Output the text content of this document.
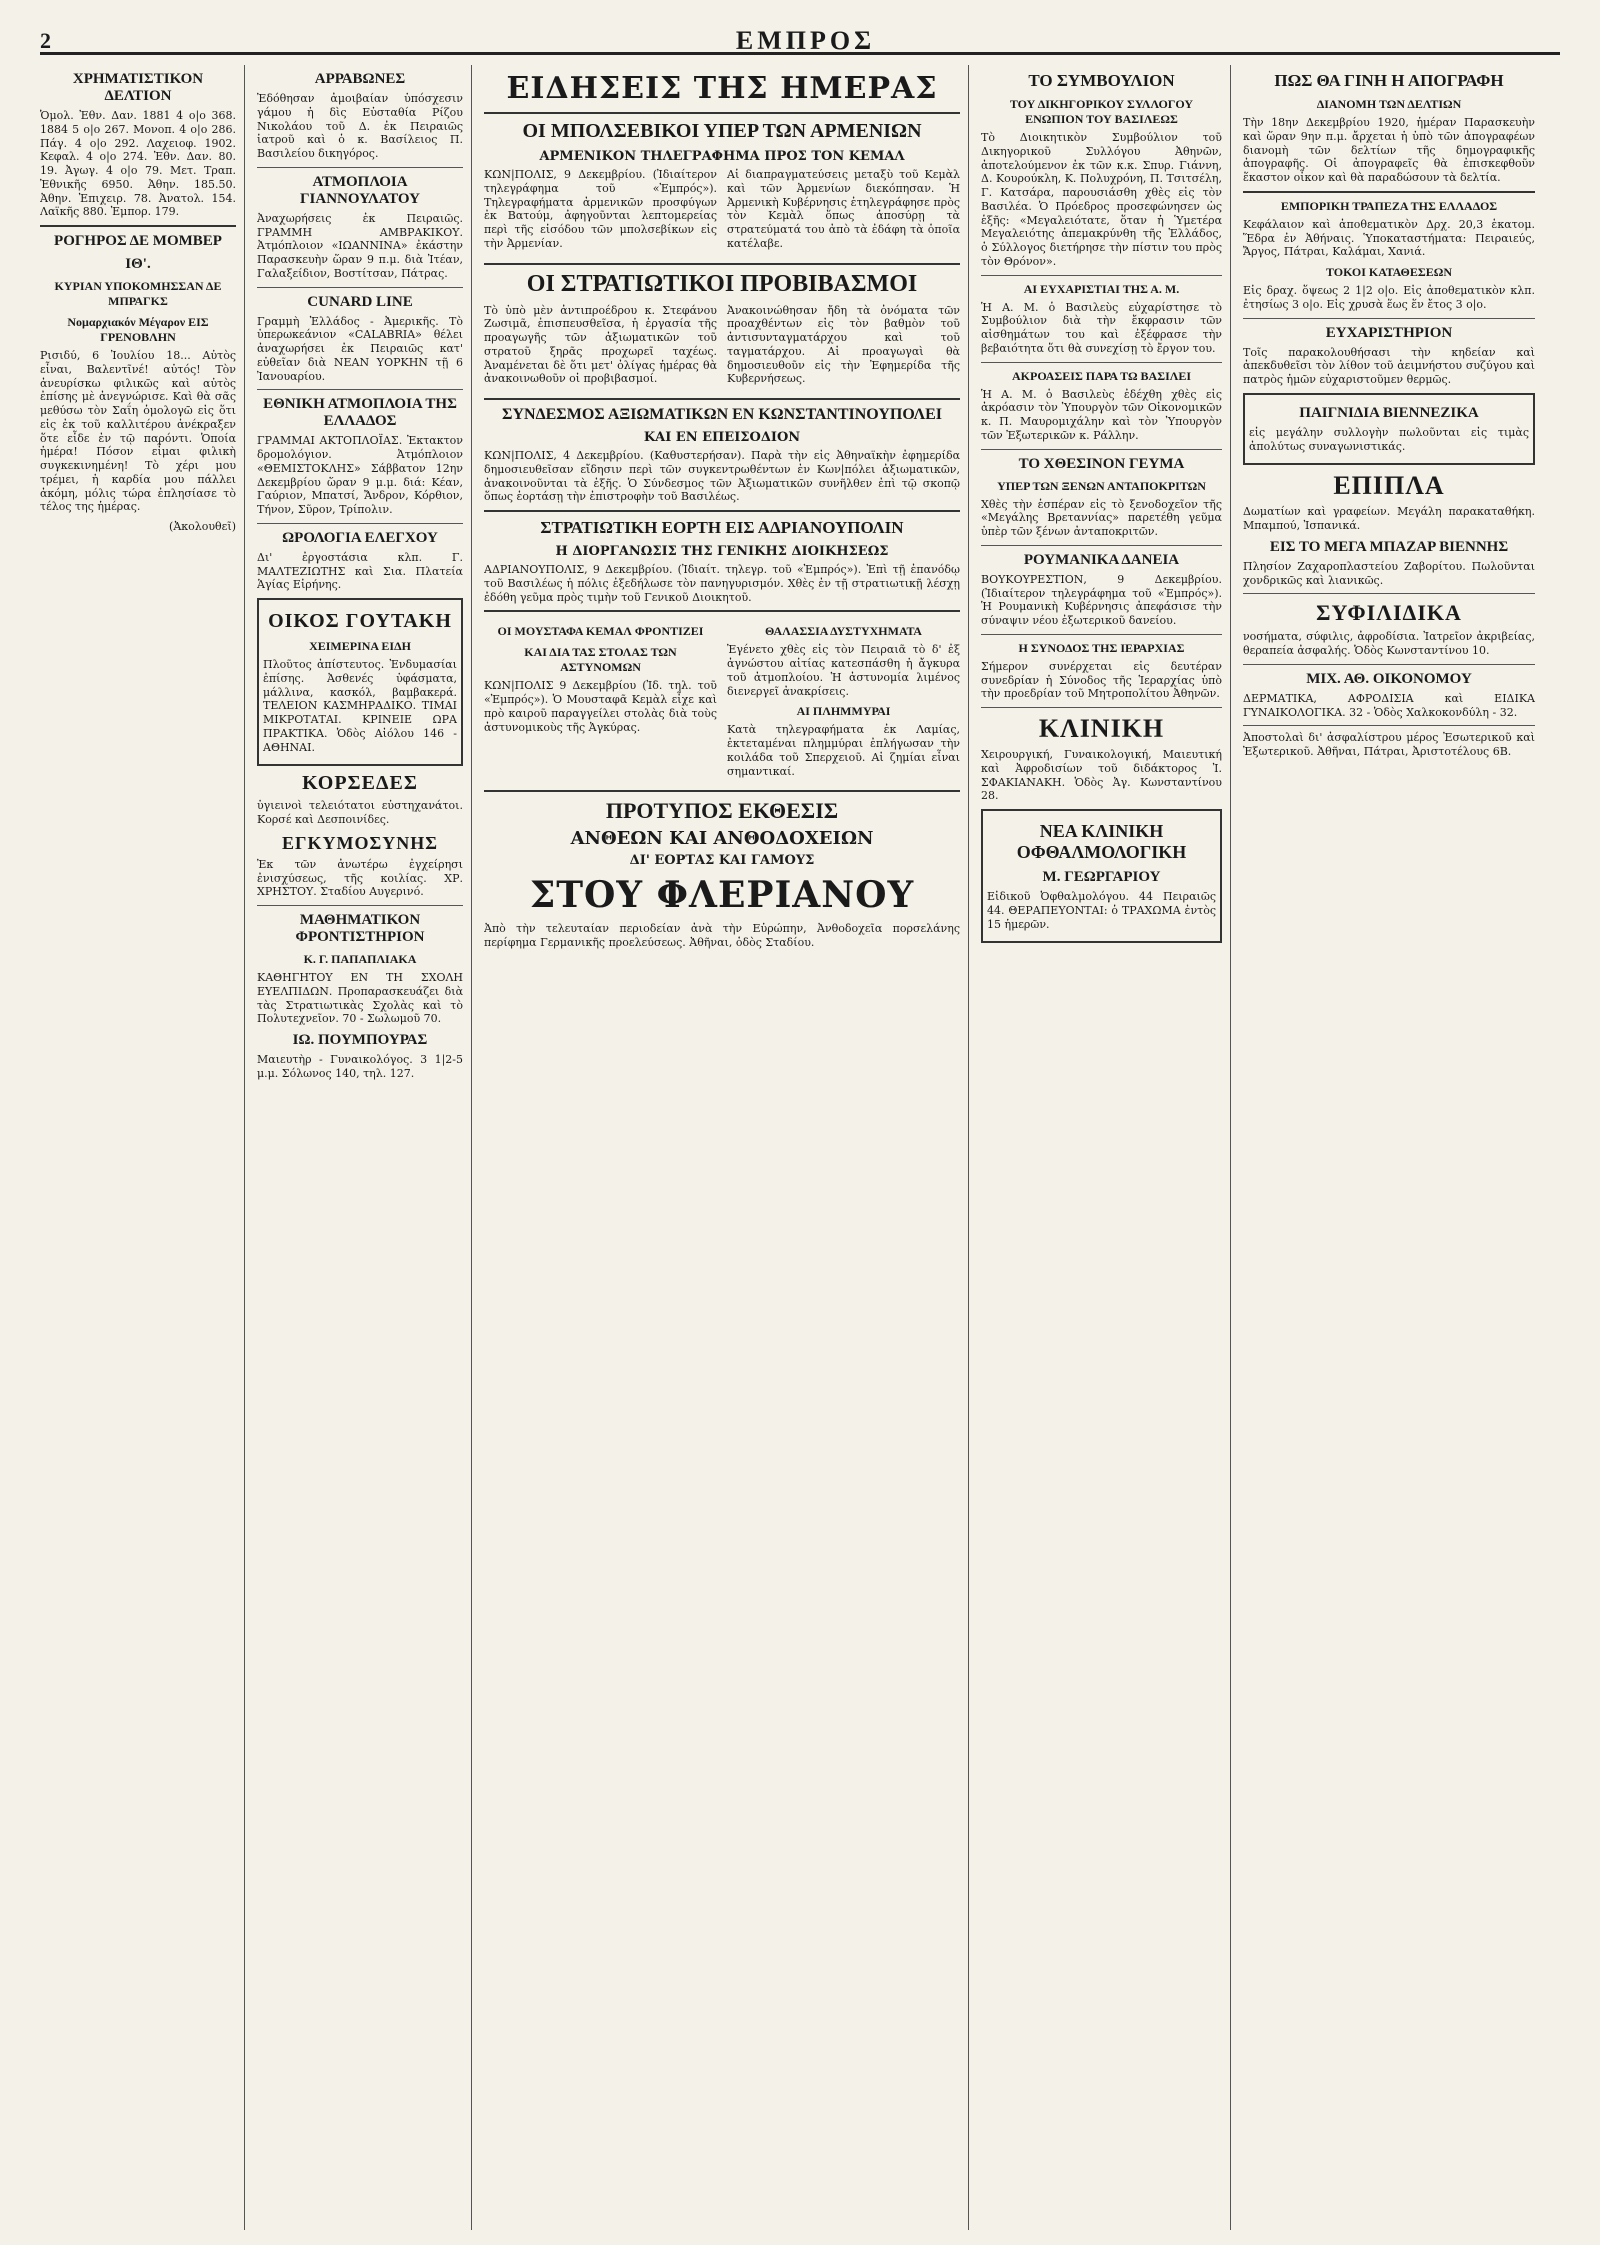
2	ΕΜΠΡΟΣ
ΧΡΗΜΑΤΙΣΤΙΚΟΝ ΔΕΛΤΙΟΝ

Ὁμολ. Ἐθν. Δαν. 1881 4 ο|ο 368. 1884 5 ο|ο 267. Μονοπ. 4 ο|ο 286. Πάγ. 4 ο|ο 292. Λαχειοφ. 1902. Κεφαλ. 4 ο|ο 274. Ἐθν. Δαν. 80. 19. Ἀγωγ. 4 ο|ο 79. Μετ. Τραπ. Ἐθνικῆς 6950. Ἀθην. 185.50. Ἀθην. Ἐπιχειρ. 78. Ἀνατολ. 154. Λαϊκῆς 880. Ἐμπορ. 179.

ΡΟΓΗΡΟΣ ΔΕ ΜΟΜΒΕΡ
ΙΘ'.
ΚΥΡΙΑΝ ΥΠΟΚΟΜΗΣΣΑΝ ΔΕ ΜΠΡΑΓΚΣ
Νομαρχιακόν Μέγαρον ΕΙΣ ΓΡΕΝΟΒΛΗΝ

Ρισιδύ, 6 Ἰουλίου 18... Αὐτὸς εἶναι, Βαλεντῖνέ! αὐτός! Τὸν ἀνευρίσκω φιλικῶς καὶ αὐτὸς ἐπίσης μὲ ἀνεγνώρισε. Καὶ θὰ σᾶς μεθύσω τὸν Σαΐη ὁμολογῶ εἰς ὅτι εἰς ἐκ τοῦ καλλιτέρου ἀνέκραξεν ὅτε εἶδε ἐν τῷ παρόντι. Ὁποία ἡμέρα! Πόσον εἶμαι φιλικὴ συγκεκινημένη! Τὸ χέρι μου τρέμει, ἡ καρδία μου πάλλει ἀκόμη, μόλις τώρα ἐπλησίασε τὸ τέλος της ἡμέρας.

(Ἀκολουθεῖ)

ΑΡΡΑΒΩΝΕΣ

Ἐδόθησαν ἀμοιβαίαν ὑπόσχεσιν γάμου ἡ δὶς Εὐσταθία Ρίζου Νικολάου τοῦ Δ. ἐκ Πειραιῶς ἰατροῦ καὶ ὁ κ. Βασίλειος Π. Βασιλείου δικηγόρος.

ΑΤΜΟΠΛΟΙΑ ΓΙΑΝΝΟΥΛΑΤΟΥ

Ἀναχωρήσεις ἐκ Πειραιῶς. ΓΡΑΜΜΗ ΑΜΒΡΑΚΙΚΟΥ. Ἀτμόπλοιον «ΙΩΑΝΝΙΝΑ» ἐκάστην Παρασκευὴν ὥραν 9 π.μ. διὰ Ἰτέαν, Γαλαξείδιον, Βοστίτσαν, Πάτρας.

CUNARD LINE

Γραμμὴ Ἑλλάδος - Ἀμερικῆς. Τὸ ὑπερωκεάνιον «CALABRIA» θέλει ἀναχωρήσει ἐκ Πειραιῶς κατ' εὐθεῖαν διὰ ΝΕΑΝ ΥΟΡΚΗΝ τῇ 6 Ἰανουαρίου.

ΕΘΝΙΚΗ ΑΤΜΟΠΛΟΙΑ ΤΗΣ ΕΛΛΑΔΟΣ

ΓΡΑΜΜΑΙ ΑΚΤΟΠΛΟΪΑΣ. Ἐκτακτον δρομολόγιον. Ἀτμόπλοιον «ΘΕΜΙΣΤΟΚΛΗΣ» Σάββατον 12ην Δεκεμβρίου ὥραν 9 μ.μ. διά: Κέαν, Γαύριον, Μπατσί, Ἄνδρον, Κόρθιον, Τήνον, Σῦρον, Τρίπολιν.

ΩΡΟΛΟΓΙΑ ΕΛΕΓΧΟΥ

Δι' ἐργοστάσια κλπ. Γ. ΜΑΛΤΕΖΙΩΤΗΣ καὶ Σια. Πλατεία Ἁγίας Εἰρήνης.

ΟΙΚΟΣ ΓΟΥΤΑΚΗ
ΧΕΙΜΕΡΙΝΑ ΕΙΔΗ

Πλοῦτος ἀπίστευτος. Ἐνδυμασίαι ἐπίσης. Ἀσθενές ὑφάσματα, μάλλινα, κασκόλ, βαμβακερά. ΤΕΛΕΙΟΝ ΚΑΣΜΗΡΑΔΙΚΟ. ΤΙΜΑΙ ΜΙΚΡΟΤΑΤΑΙ. ΚΡΙΝΕΙΕ ΩΡΑ ΠΡΑΚΤΙΚΑ. Ὁδὸς Αἰόλου 146 - ΑΘΗΝΑΙ.

ΚΟΡΣΕΔΕΣ

ὑγιεινοὶ τελειότατοι εὐστηχανάτοι. Κορσέ καὶ Δεσποινίδες.

ΕΓΚΥΜΟΣΥΝΗΣ

Ἐκ τῶν ἀνωτέρω ἐγχείρησι ἐνισχύσεως, τῆς κοιλίας. ΧΡ. ΧΡΗΣΤΟΥ. Σταδίου Αυγερινό.

ΜΑΘΗΜΑΤΙΚΟΝ ΦΡΟΝΤΙΣΤΗΡΙΟΝ
Κ. Γ. ΠΑΠΑΠΛΙΑΚΑ

ΚΑΘΗΓΗΤΟΥ ΕΝ ΤΗ ΣΧΟΛΗ ΕΥΕΛΠΙΔΩΝ. Προπαρασκευάζει διὰ τὰς Στρατιωτικὰς Σχολὰς καὶ τὸ Πολυτεχνεῖον. 70 - Σωλωμοῦ 70.

ΙΩ. ΠΟΥΜΠΟΥΡΑΣ

Μαιευτὴρ - Γυναικολόγος. 3 1|2-5 μ.μ. Σόλωνος 140, τηλ. 127.

ΕΙΔΗΣΕΙΣ ΤΗΣ ΗΜΕΡΑΣ
ΟΙ ΜΠΟΛΣΕΒΙΚΟΙ ΥΠΕΡ ΤΩΝ ΑΡΜΕΝΙΩΝ
ΑΡΜΕΝΙΚΟΝ ΤΗΛΕΓΡΑΦΗΜΑ ΠΡΟΣ ΤΟΝ ΚΕΜΑΛ

ΚΩΝ|ΠΟΛΙΣ, 9 Δεκεμβρίου. (Ἰδιαίτερον τηλεγράφημα τοῦ «Ἐμπρός»). Τηλεγραφήματα ἀρμενικῶν προσφύγων ἐκ Βατούμ, ἀφηγοῦνται λεπτομερείας περὶ τῆς εἰσόδου τῶν μπολσεβίκων εἰς τὴν Ἀρμενίαν.

Αἱ διαπραγματεύσεις μεταξὺ τοῦ Κεμὰλ καὶ τῶν Ἀρμενίων διεκόπησαν. Ἡ Ἀρμενικὴ Κυβέρνησις ἐτηλεγράφησε πρὸς τὸν Κεμὰλ ὅπως ἀποσύρῃ τὰ στρατεύματά του ἀπὸ τὰ ἐδάφη τὰ ὁποῖα κατέλαβε.

ΟΙ ΣΤΡΑΤΙΩΤΙΚΟΙ ΠΡΟΒΙΒΑΣΜΟΙ

Τὸ ὑπὸ μὲν ἀντιπροέδρου κ. Στεφάνου Ζωσιμᾶ, ἐπισπευσθεῖσα, ἡ ἐργασία τῆς προαγωγῆς τῶν ἀξιωματικῶν τοῦ στρατοῦ ξηρᾶς προχωρεῖ ταχέως. Ἀναμένεται δὲ ὅτι μετ' ὀλίγας ἡμέρας θὰ ἀνακοινωθοῦν οἱ προβιβασμοί.

Ἀνακοινώθησαν ἤδη τὰ ὀνόματα τῶν προαχθέντων εἰς τὸν βαθμὸν τοῦ ἀντισυνταγματάρχου καὶ τοῦ ταγματάρχου. Αἱ προαγωγαὶ θὰ δημοσιευθοῦν εἰς τὴν Ἐφημερίδα τῆς Κυβερνήσεως.

ΣΥΝΔΕΣΜΟΣ ΑΞΙΩΜΑΤΙΚΩΝ ΕΝ ΚΩΝΣΤΑΝΤΙΝΟΥΠΟΛΕΙ
ΚΑΙ ΕΝ ΕΠΕΙΣΟΔΙΟΝ

ΚΩΝ|ΠΟΛΙΣ, 4 Δεκεμβρίου. (Καθυστερήσαν). Παρὰ τὴν εἰς Ἀθηναϊκὴν ἐφημερίδα δημοσιευθεῖσαν εἴδησιν περὶ τῶν συγκεντρωθέντων ἐν Κων|πόλει ἀξιωματικῶν, ἀνακοινοῦνται τὰ ἑξῆς. Ὁ Σύνδεσμος τῶν Ἀξιωματικῶν συνῆλθεν ἐπὶ τῷ σκοπῷ ὅπως ἑορτάσῃ τὴν ἐπιστροφὴν τοῦ Βασιλέως.

ΣΤΡΑΤΙΩΤΙΚΗ ΕΟΡΤΗ ΕΙΣ ΑΔΡΙΑΝΟΥΠΟΛΙΝ
Η ΔΙΟΡΓΑΝΩΣΙΣ ΤΗΣ ΓΕΝΙΚΗΣ ΔΙΟΙΚΗΣΕΩΣ

ΑΔΡΙΑΝΟΥΠΟΛΙΣ, 9 Δεκεμβρίου. (Ἰδιαίτ. τηλεγρ. τοῦ «Ἐμπρός»). Ἐπὶ τῇ ἐπανόδῳ τοῦ Βασιλέως ἡ πόλις ἐξεδήλωσε τὸν πανηγυρισμόν. Χθὲς ἐν τῇ στρατιωτικῇ λέσχῃ ἐδόθη γεῦμα πρὸς τιμὴν τοῦ Γενικοῦ Διοικητοῦ.

ΟΙ ΜΟΥΣΤΑΦΑ ΚΕΜΑΛ ΦΡΟΝΤΙΖΕΙ
ΚΑΙ ΔΙΑ ΤΑΣ ΣΤΟΛΑΣ ΤΩΝ ΑΣΤΥΝΟΜΩΝ

ΚΩΝ|ΠΟΛΙΣ 9 Δεκεμβρίου (Ἰδ. τηλ. τοῦ «Ἐμπρός»). Ὁ Μουσταφᾶ Κεμὰλ εἶχε καὶ πρὸ καιροῦ παραγγείλει στολὰς διὰ τοὺς ἀστυνομικοὺς τῆς Ἀγκύρας.

ΘΑΛΑΣΣΙΑ ΔΥΣΤΥΧΗΜΑΤΑ

Ἐγένετο χθὲς εἰς τὸν Πειραιᾶ τὸ δ' ἐξ ἀγνώστου αἰτίας κατεσπάσθη ἡ ἄγκυρα τοῦ ἀτμοπλοίου. Ἡ ἀστυνομία λιμένος διενεργεῖ ἀνακρίσεις.

ΑΙ ΠΛΗΜΜΥΡΑΙ

Κατὰ τηλεγραφήματα ἐκ Λαμίας, ἐκτεταμέναι πλημμύραι ἐπλήγωσαν τὴν κοιλάδα τοῦ Σπερχειοῦ. Αἱ ζημίαι εἶναι σημαντικαί.

ΠΡΟΤΥΠΟΣ ΕΚΘΕΣΙΣ
ΑΝΘΕΩΝ ΚΑΙ ΑΝΘΟΔΟΧΕΙΩΝ
ΔΙ' ΕΟΡΤΑΣ ΚΑΙ ΓΑΜΟΥΣ
ΣΤΟΥ ΦΛΕΡΙΑΝΟΥ

Ἀπὸ τὴν τελευταίαν περιοδείαν ἀνὰ τὴν Εὐρώπην, Ἀνθοδοχεῖα πορσελάνης περίφημα Γερμανικῆς προελεύσεως. Ἀθῆναι, ὁδὸς Σταδίου.

ΤΟ ΣΥΜΒΟΥΛΙΟΝ
ΤΟΥ ΔΙΚΗΓΟΡΙΚΟΥ ΣΥΛΛΟΓΟΥ ΕΝΩΠΙΟΝ ΤΟΥ ΒΑΣΙΛΕΩΣ

Τὸ Διοικητικὸν Συμβούλιον τοῦ Δικηγορικοῦ Συλλόγου Ἀθηνῶν, ἀποτελούμενον ἐκ τῶν κ.κ. Σπυρ. Γιάννη, Δ. Κουρούκλη, Κ. Πολυχρόνη, Π. Τσιτσέλη, Γ. Κατσάρα, παρουσιάσθη χθὲς εἰς τὸν Βασιλέα. Ὁ Πρόεδρος προσεφώνησεν ὡς ἑξῆς: «Μεγαλειότατε, ὅταν ἡ Ὑμετέρα Μεγαλειότης ἀπεμακρύνθη τῆς Ἑλλάδος, ὁ Σύλλογος διετήρησε τὴν πίστιν του πρὸς τὸν Θρόνον».

ΑΙ ΕΥΧΑΡΙΣΤΙΑΙ ΤΗΣ Α. Μ.

Ἡ Α. Μ. ὁ Βασιλεὺς εὐχαρίστησε τὸ Συμβούλιον διὰ τὴν ἔκφρασιν τῶν αἰσθημάτων του καὶ ἐξέφρασε τὴν βεβαιότητα ὅτι θὰ συνεχίσῃ τὸ ἔργον του.

ΑΚΡΟΑΣΕΙΣ ΠΑΡΑ ΤΩ ΒΑΣΙΛΕΙ

Ἡ Α. Μ. ὁ Βασιλεὺς ἐδέχθη χθὲς εἰς ἀκρόασιν τὸν Ὑπουργὸν τῶν Οἰκονομικῶν κ. Π. Μαυρομιχάλην καὶ τὸν Ὑπουργὸν τῶν Ἐξωτερικῶν κ. Ράλλην.

ΤΟ ΧΘΕΣΙΝΟΝ ΓΕΥΜΑ
ΥΠΕΡ ΤΩΝ ΞΕΝΩΝ ΑΝΤΑΠΟΚΡΙΤΩΝ

Χθὲς τὴν ἑσπέραν εἰς τὸ ξενοδοχεῖον τῆς «Μεγάλης Βρεταννίας» παρετέθη γεῦμα ὑπὲρ τῶν ξένων ἀνταποκριτῶν.

ΡΟΥΜΑΝΙΚΑ ΔΑΝΕΙΑ

ΒΟΥΚΟΥΡΕΣΤΙΟΝ, 9 Δεκεμβρίου. (Ἰδιαίτερον τηλεγράφημα τοῦ «Ἐμπρός»). Ἡ Ρουμανικὴ Κυβέρνησις ἀπεφάσισε τὴν σύναψιν νέου ἐξωτερικοῦ δανείου.

Η ΣΥΝΟΔΟΣ ΤΗΣ ΙΕΡΑΡΧΙΑΣ

Σήμερον συνέρχεται εἰς δευτέραν συνεδρίαν ἡ Σύνοδος τῆς Ἱεραρχίας ὑπὸ τὴν προεδρίαν τοῦ Μητροπολίτου Ἀθηνῶν.

ΚΛΙΝΙΚΗ

Χειρουργική, Γυναικολογική, Μαιευτική καὶ Ἀφροδισίων τοῦ διδάκτορος Ἰ. ΣΦΑΚΙΑΝΑΚΗ. Ὁδὸς Ἀγ. Κωνσταντίνου 28.

ΝΕΑ ΚΛΙΝΙΚΗ ΟΦΘΑΛΜΟΛΟΓΙΚΗ
Μ. ΓΕΩΡΓΑΡΙΟΥ

Εἰδικοῦ Ὀφθαλμολόγου. 44 Πειραιῶς 44. ΘΕΡΑΠΕΥΟΝΤΑΙ: ὁ ΤΡΑΧΩΜΑ ἐντὸς 15 ἡμερῶν.

ΠΩΣ ΘΑ ΓΙΝΗ Η ΑΠΟΓΡΑΦΗ
ΔΙΑΝΟΜΗ ΤΩΝ ΔΕΛΤΙΩΝ

Τὴν 18ην Δεκεμβρίου 1920, ἡμέραν Παρασκευὴν καὶ ὥραν 9ην π.μ. ἄρχεται ἡ ὑπὸ τῶν ἀπογραφέων διανομὴ τῶν δελτίων τῆς δημογραφικῆς ἀπογραφῆς. Οἱ ἀπογραφεῖς θὰ ἐπισκεφθοῦν ἕκαστον οἶκον καὶ θὰ παραδώσουν τὰ δελτία.

ΕΜΠΟΡΙΚΗ ΤΡΑΠΕΖΑ ΤΗΣ ΕΛΛΑΔΟΣ

Κεφάλαιον καὶ ἀποθεματικὸν Δρχ. 20,3 ἑκατομ. Ἕδρα ἐν Ἀθήναις. Ὑποκαταστήματα: Πειραιεύς, Ἄργος, Πάτραι, Καλάμαι, Χανιά.

ΤΟΚΟΙ ΚΑΤΑΘΕΣΕΩΝ

Εἰς δραχ. ὅψεως 2 1|2 ο|ο. Εἰς ἀποθεματικὸν κλπ. ἐτησίως 3 ο|ο. Εἰς χρυσὰ ἕως ἕν ἔτος 3 ο|ο.

ΕΥΧΑΡΙΣΤΗΡΙΟΝ

Τοῖς παρακολουθήσασι τὴν κηδείαν καὶ ἀπεκδυθεῖσι τὸν λίθον τοῦ ἀειμνήστου συζύγου καὶ πατρὸς ἡμῶν εὐχαριστοῦμεν θερμῶς.

ΠΑΙΓΝΙΔΙΑ ΒΙΕΝΝΕΖΙΚΑ

εἰς μεγάλην συλλογὴν πωλοῦνται εἰς τιμὰς ἀπολύτως συναγωνιστικάς.

ΕΠΙΠΛΑ

Δωματίων καὶ γραφείων. Μεγάλη παρακαταθήκη. Μπαμπού, Ἰσπανικά.

ΕΙΣ ΤΟ ΜΕΓΑ ΜΠΑΖΑΡ ΒΙΕΝΝΗΣ

Πλησίον Ζαχαροπλαστείου Ζαβορίτου. Πωλοῦνται χονδρικῶς καὶ λιανικῶς.

ΣΥΦΙΛΙΔΙΚΑ

νοσήματα, σύφιλις, ἀφροδίσια. Ἰατρεῖον ἀκριβείας, θεραπεία ἀσφαλής. Ὁδὸς Κωνσταντίνου 10.

ΜΙΧ. ΑΘ. ΟΙΚΟΝΟΜΟΥ

ΔΕΡΜΑΤΙΚΑ, ΑΦΡΟΔΙΣΙΑ καὶ ΕΙΔΙΚΑ ΓΥΝΑΙΚΟΛΟΓΙΚΑ. 32 - Ὁδὸς Χαλκοκονδύλη - 32.

Ἀποστολαὶ δι' ἀσφαλίστρου μέρος Ἐσωτερικοῦ καὶ Ἐξωτερικοῦ. Ἀθῆναι, Πάτραι, Ἀριστοτέλους 6Β.
